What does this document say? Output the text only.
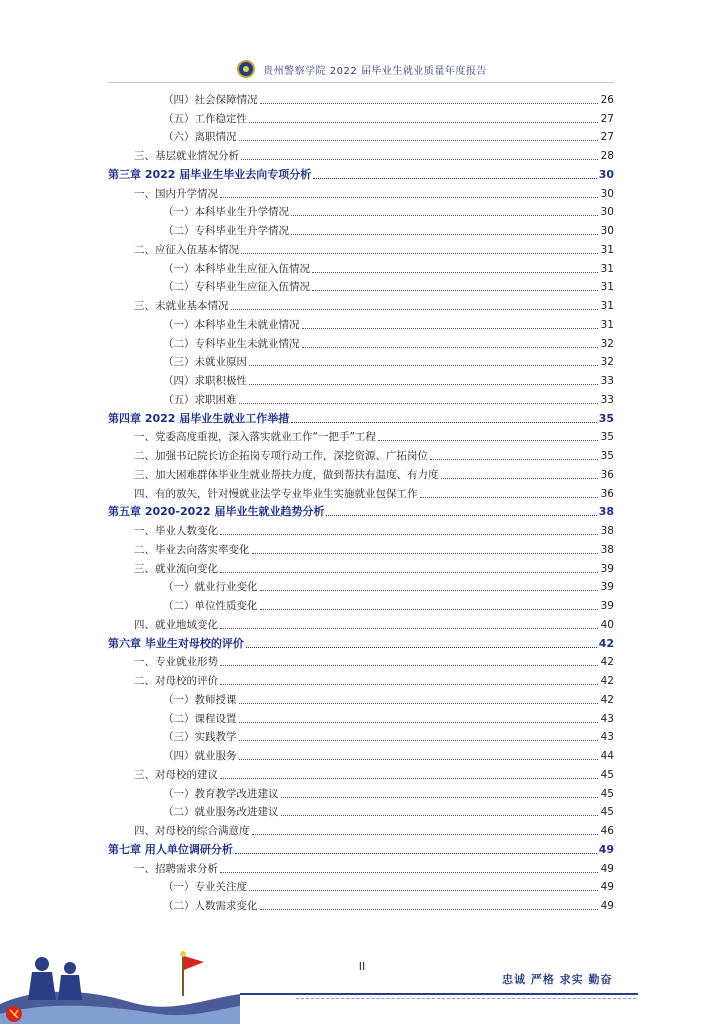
贵州警察学院 2022 届毕业生就业质量年度报告
（四）社会保障情况	26
（五）工作稳定性	27
（六）离职情况	27
三、基层就业情况分析	28
第三章 2022 届毕业生毕业去向专项分析	30
一、国内升学情况	30
（一）本科毕业生升学情况	30
（二）专科毕业生升学情况	30
二、应征入伍基本情况	31
（一）本科毕业生应征入伍情况	31
（二）专科毕业生应征入伍情况	31
三、未就业基本情况	31
（一）本科毕业生未就业情况	31
（二）专科毕业生未就业情况	32
（三）未就业原因	32
（四）求职积极性	33
（五）求职困难	33
第四章 2022 届毕业生就业工作举措	35
一、党委高度重视，深入落实就业工作“一把手”工程	35
二、加强书记院长访企拓岗专项行动工作，深挖资源、广拓岗位	35
三、加大困难群体毕业生就业帮扶力度，做到帮扶有温度、有力度	36
四、有的放矢，针对慢就业法学专业毕业生实施就业包保工作	36
第五章 2020-2022 届毕业生就业趋势分析	38
一、毕业人数变化	38
二、毕业去向落实率变化	38
三、就业流向变化	39
（一）就业行业变化	39
（二）单位性质变化	39
四、就业地域变化	40
第六章 毕业生对母校的评价	42
一、专业就业形势	42
二、对母校的评价	42
（一）教师授课	42
（二）课程设置	43
（三）实践教学	43
（四）就业服务	44
三、对母校的建议	45
（一）教育教学改进建议	45
（二）就业服务改进建议	45
四、对母校的综合满意度	46
第七章 用人单位调研分析	49
一、招聘需求分析	49
（一）专业关注度	49
（二）人数需求变化	49
II
忠诚 严格 求实 勤奋
